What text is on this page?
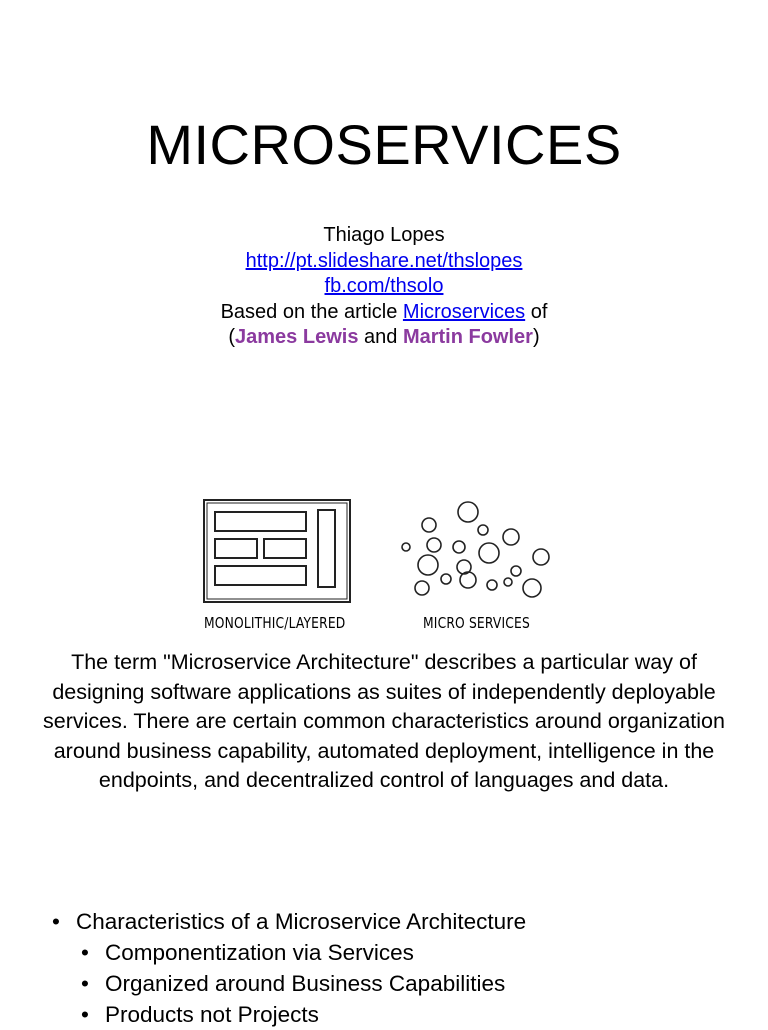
MICROSERVICES
Thiago Lopes
http://pt.slideshare.net/thslopes
fb.com/thsolo
Based on the article Microservices of
(James Lewis and Martin Fowler)
MONOLITHIC/LAYERED	MICRO SERVICES
The term "Microservice Architecture" describes a particular way of designing software applications as suites of independently deployable services. There are certain common characteristics around organization around business capability, automated deployment, intelligence in the endpoints, and decentralized control of languages and data.
• Characteristics of a Microservice Architecture
• Componentization via Services
• Organized around Business Capabilities
• Products not Projects
